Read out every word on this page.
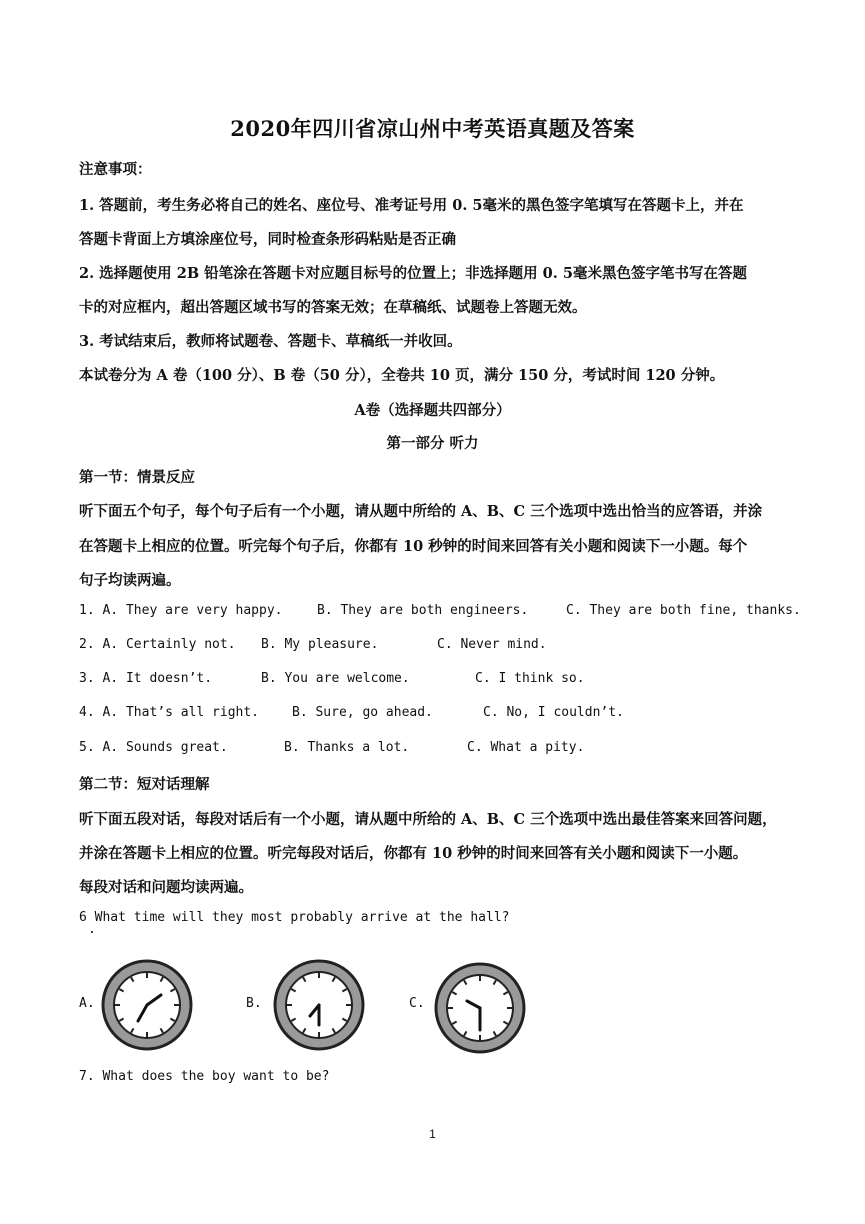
2020年四川省凉山州中考英语真题及答案
注意事项：
1. 答题前，考生务必将自己的姓名、座位号、准考证号用 0. 5毫米的黑色签字笔填写在答题卡上，并在
答题卡背面上方填涂座位号，同时检查条形码粘贴是否正确
2. 选择题使用 2B 铅笔涂在答题卡对应题目标号的位置上；非选择题用 0. 5毫米黑色签字笔书写在答题
卡的对应框内，超出答题区域书写的答案无效；在草稿纸、试题卷上答题无效。
3. 考试结束后，教师将试题卷、答题卡、草稿纸一并收回。
本试卷分为 A 卷（100 分）、B 卷（50 分），全卷共 10 页，满分 150 分，考试时间 120 分钟。
A卷（选择题共四部分）
第一部分 听力
第一节：情景反应
听下面五个句子，每个句子后有一个小题，请从题中所给的 A、B、C 三个选项中选出恰当的应答语，并涂
在答题卡上相应的位置。听完每个句子后，你都有 10 秒钟的时间来回答有关小题和阅读下一小题。每个
句子均读两遍。
1. A. They are very happy.	B. They are both engineers.	C. They are both fine, thanks.
2. A. Certainly not. B. My pleasure.	C. Never mind.
3. A. It doesn’t.	B. You are welcome.	C. I think so.
4. A. That’s all right.	B. Sure, go ahead.	C. No, I couldn’t.
5. A. Sounds great.	B. Thanks a lot.	C. What a pity.
第二节：短对话理解
听下面五段对话，每段对话后有一个小题，请从题中所给的 A、B、C 三个选项中选出最佳答案来回答问题，
并涂在答题卡上相应的位置。听完每段对话后，你都有 10 秒钟的时间来回答有关小题和阅读下一小题。
每段对话和问题均读两遍。
6 What time will they most probably arrive at the hall?
.
A.	B.	C.
7. What does the boy want to be?
1
